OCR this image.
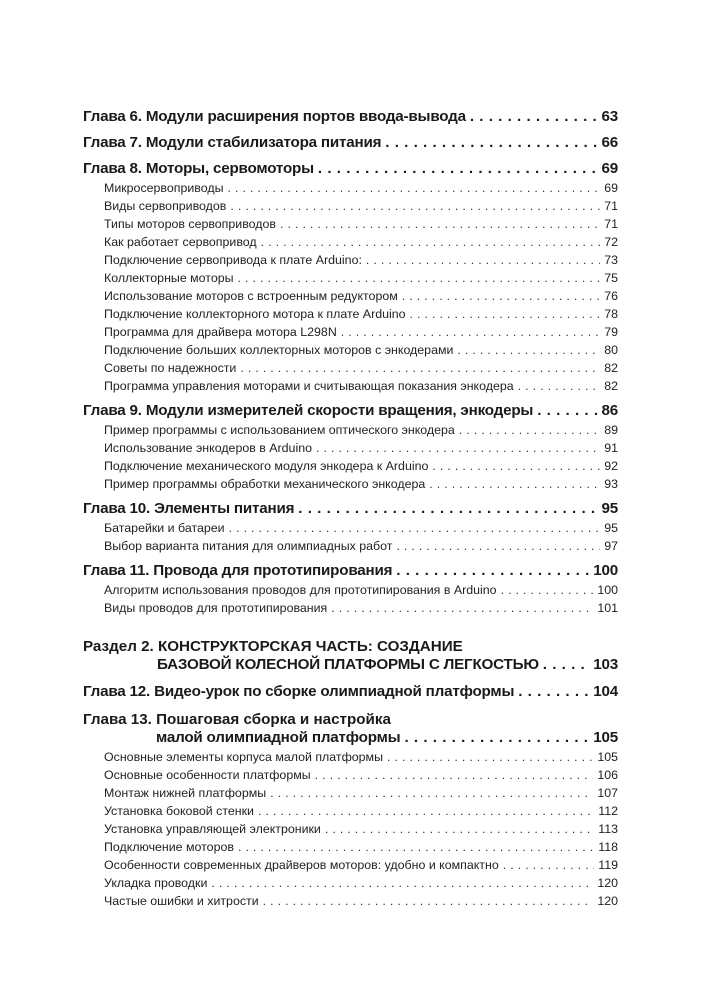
Глава 6. Модули расширения портов ввода-вывода . . .	63
Глава 7. Модули стабилизатора питания . . .	66
Глава 8. Моторы, сервомоторы . . .	69
Микросервоприводы . . .	69
Виды сервоприводов . . .	71
Типы моторов сервоприводов . . .	71
Как работает сервопривод . . .	72
Подключение сервопривода к плате Arduino: . . .	73
Коллекторные моторы . . .	75
Использование моторов с встроенным редуктором . . .	76
Подключение коллекторного мотора к плате Arduino . . .	78
Программа для драйвера мотора L298N . . .	79
Подключение больших коллекторных моторов с энкодерами . . .	80
Советы по надежности . . .	82
Программа управления моторами и считывающая показания энкодера . . .	82
Глава 9. Модули измерителей скорости вращения, энкодеры . . .	86
Пример программы с использованием оптического энкодера . . .	89
Использование энкодеров в Arduino . . .	91
Подключение механического модуля энкодера к Arduino . . .	92
Пример программы обработки механического энкодера . . .	93
Глава 10. Элементы питания . . .	95
Батарейки и батареи . . .	95
Выбор варианта питания для олимпиадных работ . . .	97
Глава 11. Провода для прототипирования . . .	100
Алгоритм использования проводов для прототипирования в Arduino . . .	100
Виды проводов для прототипирования . . .	101
Раздел 2. КОНСТРУКТОРСКАЯ ЧАСТЬ: СОЗДАНИЕ
БАЗОВОЙ КОЛЕСНОЙ ПЛАТФОРМЫ С ЛЕГКОСТЬЮ . . .	103
Глава 12. Видео-урок по сборке олимпиадной платформы . . .	104
Глава 13. Пошаговая сборка и настройка
малой олимпиадной платформы . . .	105
Основные элементы корпуса малой платформы . . .	105
Основные особенности платформы . . .	106
Монтаж нижней платформы . . .	107
Установка боковой стенки . . .	112
Установка управляющей электроники . . .	113
Подключение моторов . . .	118
Особенности современных драйверов моторов: удобно и компактно . . .	119
Укладка проводки . . .	120
Частые ошибки и хитрости . . .	120
